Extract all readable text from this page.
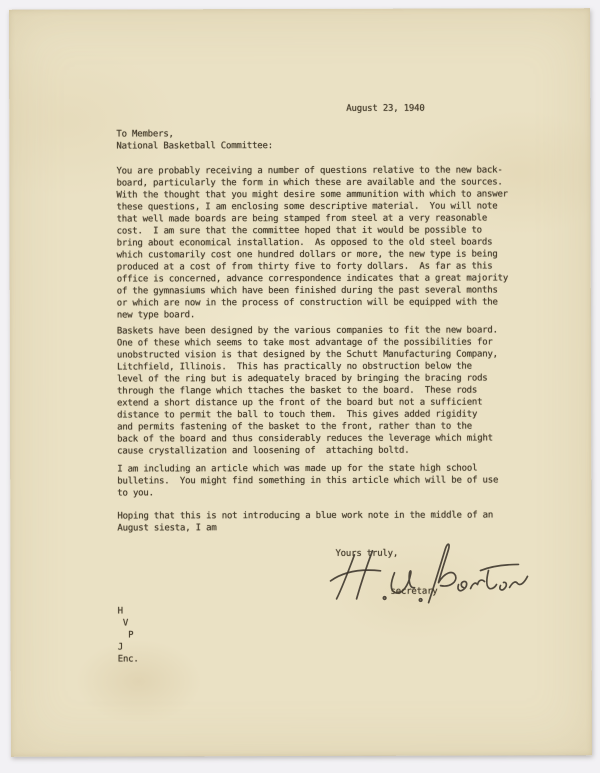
August 23, 1940
To Members,
National Basketball Committee:
You are probably receiving a number of questions relative to the new back-
board, particularly the form in which these are available and the sources.
With the thought that you might desire some ammunition with which to answer
these questions, I am enclosing some descriptive material.  You will note
that well made boards are being stamped from steel at a very reasonable
cost.  I am sure that the committee hoped that it would be possible to
bring about economical installation.  As opposed to the old steel boards
which customarily cost one hundred dollars or more, the new type is being
produced at a cost of from thirty five to forty dollars.  As far as this
office is concerned, advance correspondence indicates that a great majority
of the gymnasiums which have been finished during the past several months
or which are now in the process of construction will be equipped with the
new type board.
Baskets have been designed by the various companies to fit the new board.
One of these which seems to take most advantage of the possibilities for
unobstructed vision is that designed by the Schutt Manufacturing Company,
Litchfield, Illinois.  This has practically no obstruction below the
level of the ring but is adequately braced by bringing the bracing rods
through the flange which ttaches the basket to the board.  These rods
extend a short distance up the front of the board but not a sufficient
distance to permit the ball to touch them.  This gives added rigidity
and permits fastening of the basket to the front, rather than to the
back of the board and thus considerably reduces the leverage which might
cause crystallization and loosening of  attaching boltd.
I am including an article which was made up for the state high school
bulletins.  You might find something in this article which will be of use
to you.
Hoping that this is not introducing a blue work note in the middle of an
August siesta, I am
Yours truly,
secretary
H
V
P
J
Enc.
